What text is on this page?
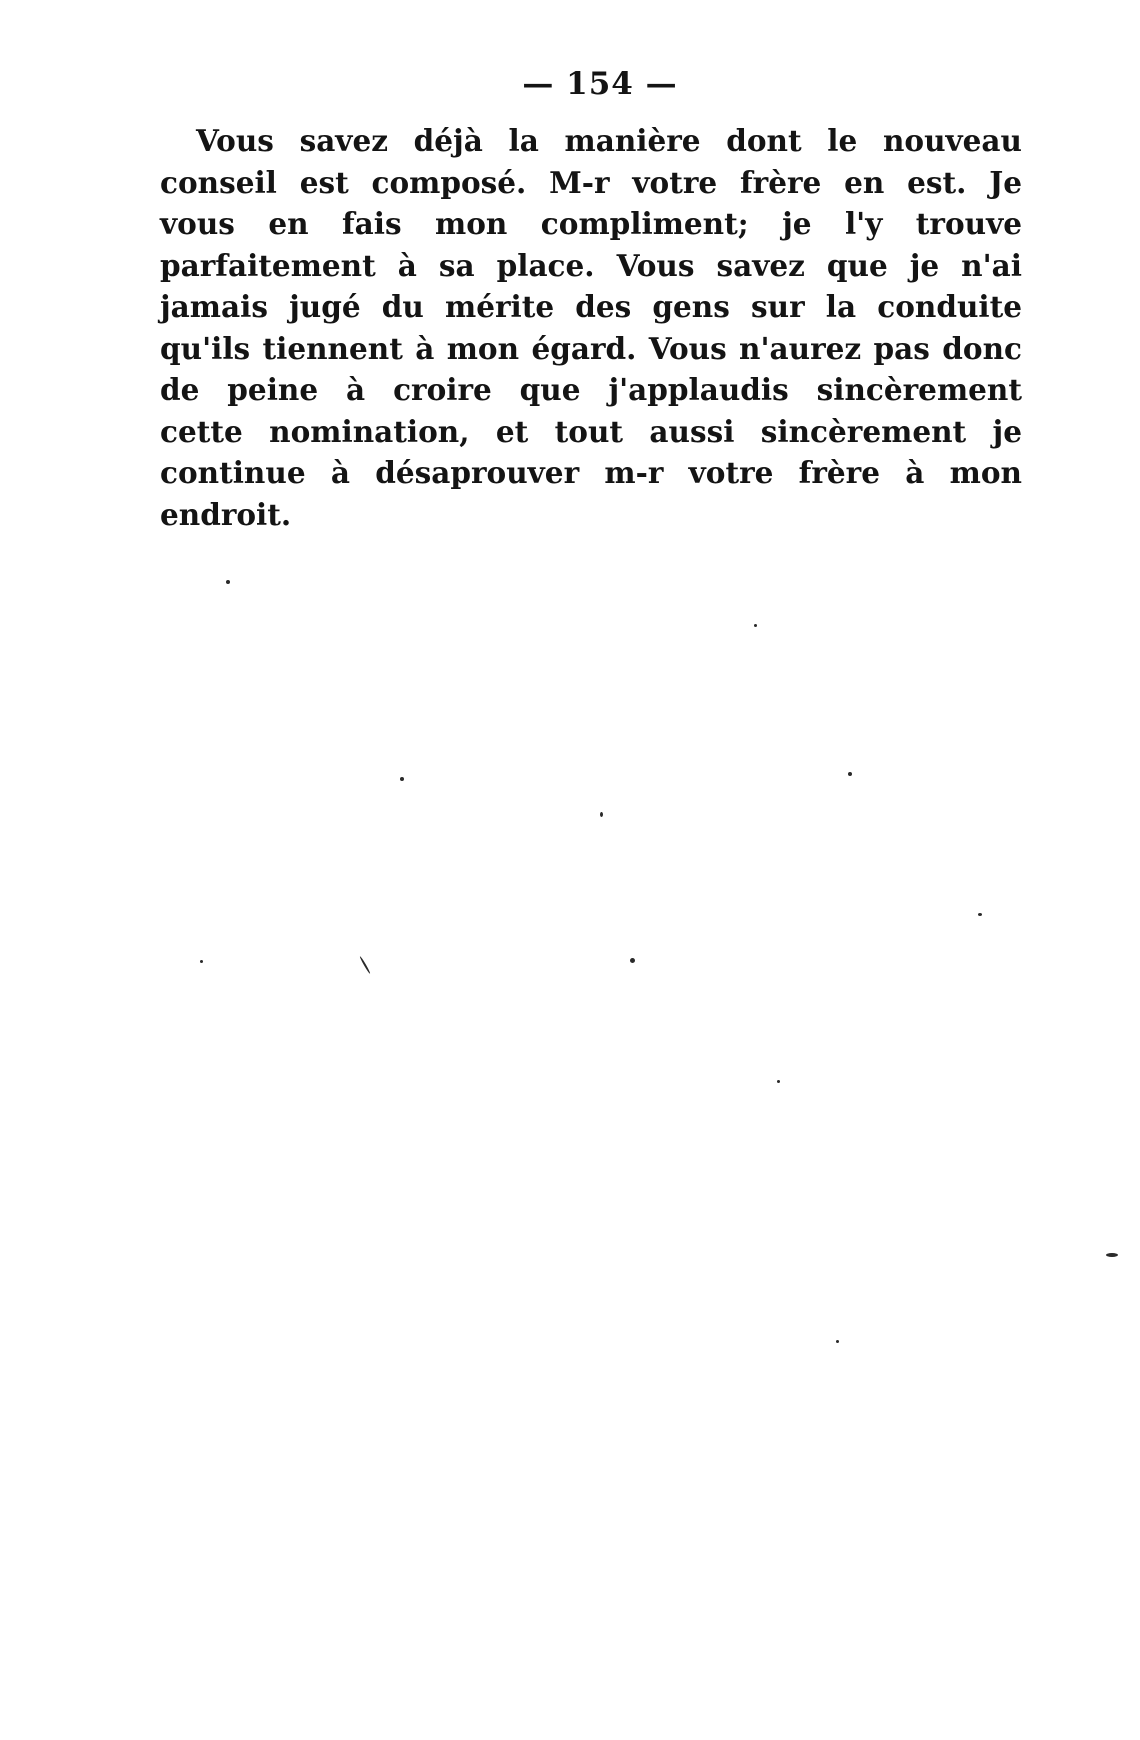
— 154 —

Vous savez déjà la manière dont le nouveau conseil est composé. M-r votre frère en est. Je vous en fais mon compliment; je l'y trouve parfaitement à sa place. Vous savez que je n'ai jamais jugé du mérite des gens sur la conduite qu'ils tiennent à mon égard. Vous n'aurez pas donc de peine à croire que j'applaudis sincèrement cette nomination, et tout aussi sincèrement je continue à désaprouver m-r votre frère à mon endroit.
